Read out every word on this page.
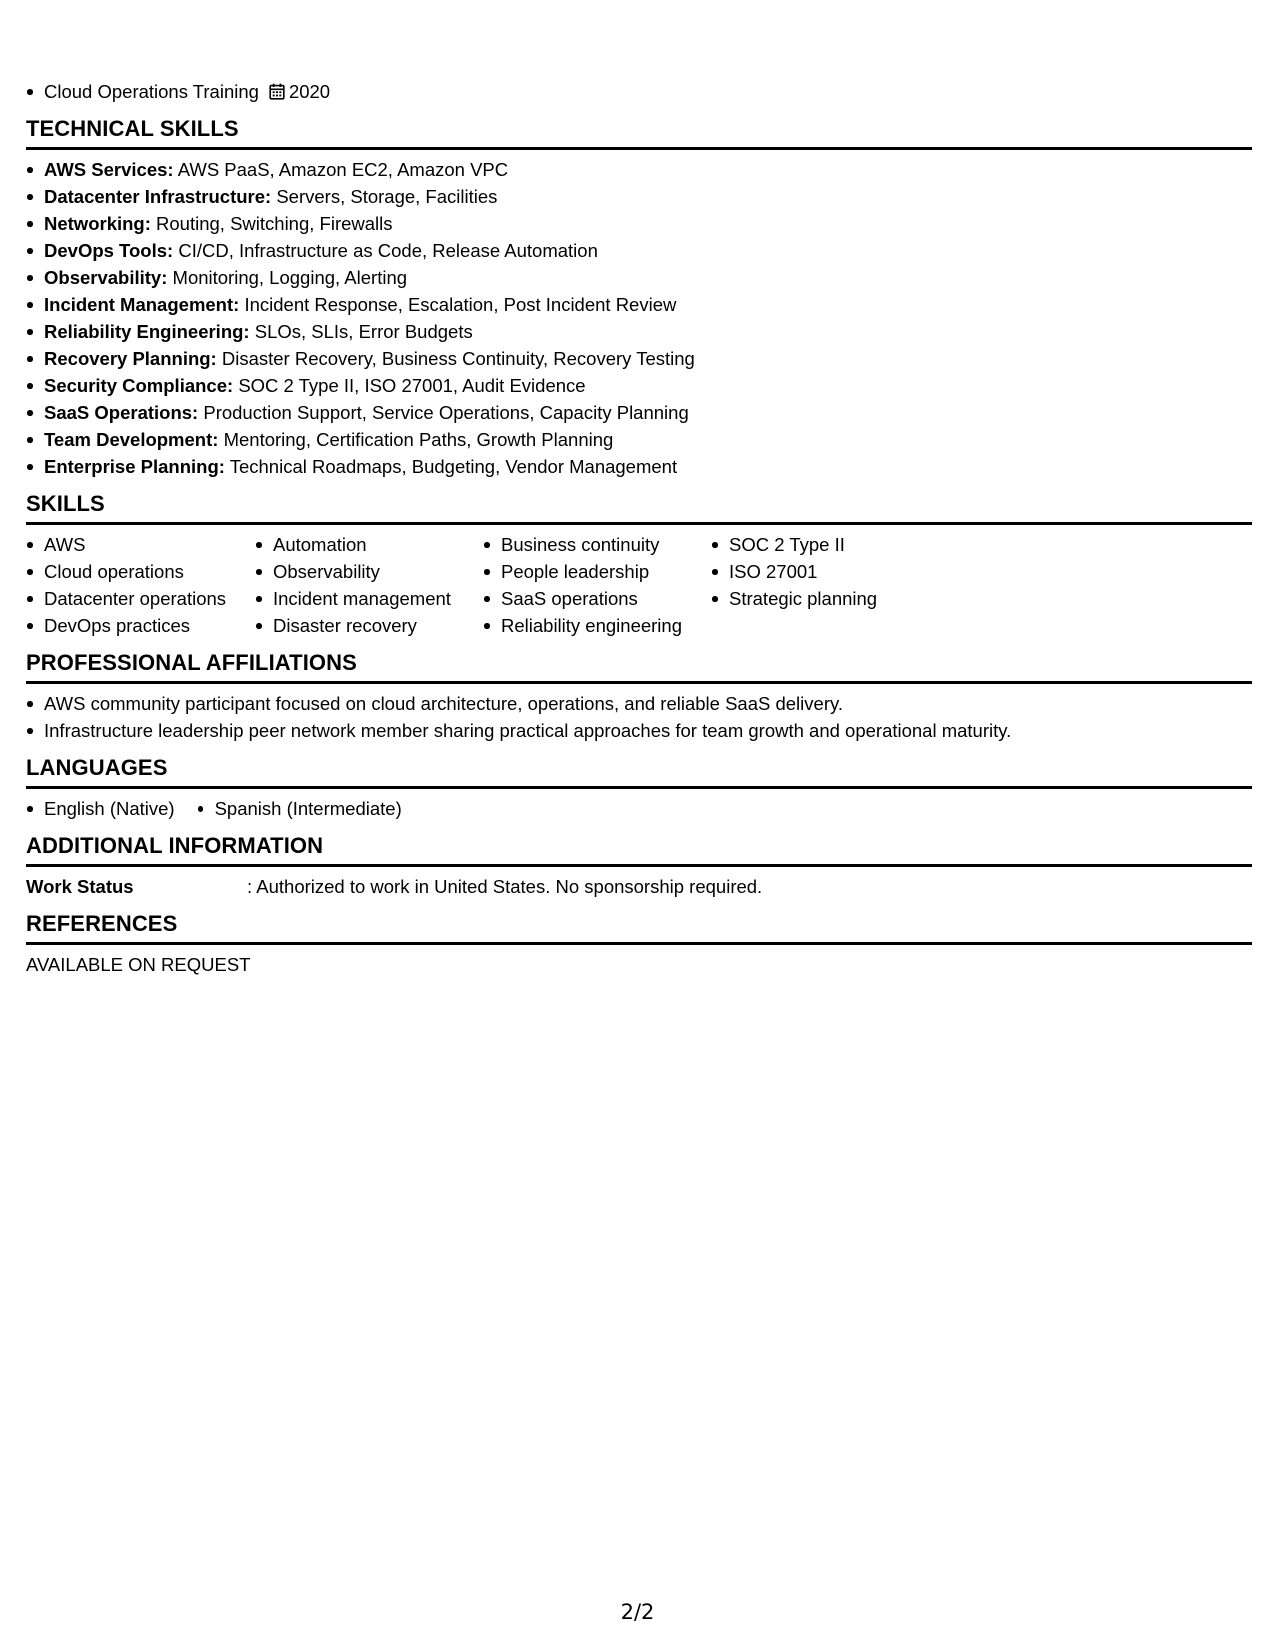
Cloud Operations Training 2020
TECHNICAL SKILLS
AWS Services: AWS PaaS, Amazon EC2, Amazon VPC
Datacenter Infrastructure: Servers, Storage, Facilities
Networking: Routing, Switching, Firewalls
DevOps Tools: CI/CD, Infrastructure as Code, Release Automation
Observability: Monitoring, Logging, Alerting
Incident Management: Incident Response, Escalation, Post Incident Review
Reliability Engineering: SLOs, SLIs, Error Budgets
Recovery Planning: Disaster Recovery, Business Continuity, Recovery Testing
Security Compliance: SOC 2 Type II, ISO 27001, Audit Evidence
SaaS Operations: Production Support, Service Operations, Capacity Planning
Team Development: Mentoring, Certification Paths, Growth Planning
Enterprise Planning: Technical Roadmaps, Budgeting, Vendor Management
SKILLS
AWS
Cloud operations
Datacenter operations
DevOps practices
Automation
Observability
Incident management
Disaster recovery
Business continuity
People leadership
SaaS operations
Reliability engineering
SOC 2 Type II
ISO 27001
Strategic planning
PROFESSIONAL AFFILIATIONS
AWS community participant focused on cloud architecture, operations, and reliable SaaS delivery.
Infrastructure leadership peer network member sharing practical approaches for team growth and operational maturity.
LANGUAGES
English (Native)	Spanish (Intermediate)
ADDITIONAL INFORMATION
Work Status	: Authorized to work in United States. No sponsorship required.
REFERENCES
AVAILABLE ON REQUEST
2/2
